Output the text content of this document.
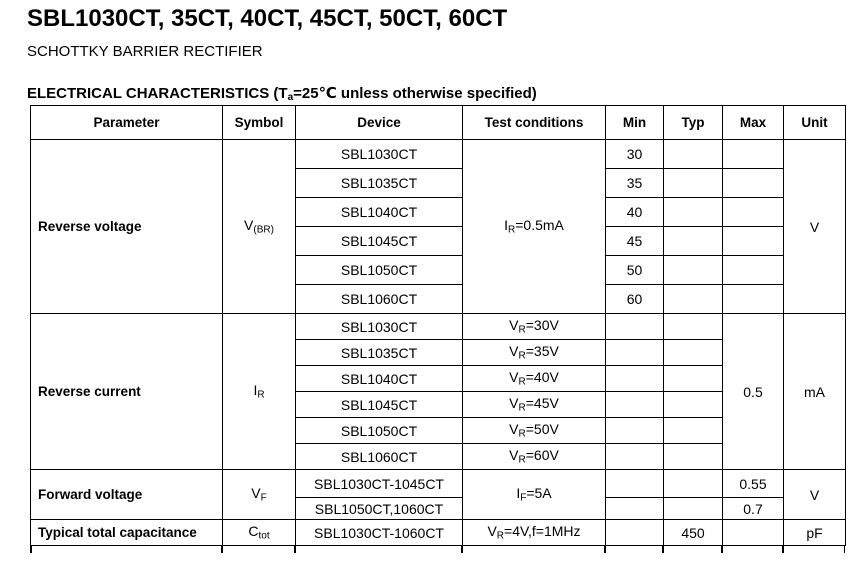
SBL1030CT, 35CT, 40CT, 45CT, 50CT, 60CT
SCHOTTKY BARRIER RECTIFIER
ELECTRICAL CHARACTERISTICS (Ta=25℃ unless otherwise specified)
Parameter	Symbol	Device	Test conditions	Min	Typ	Max	Unit
Reverse voltage	V(BR)	SBL1030CT	IR=0.5mA	30			V
		SBL1035CT		35			
		SBL1040CT		40			
		SBL1045CT		45			
		SBL1050CT		50			
		SBL1060CT		60			
Reverse current	IR	SBL1030CT	VR=30V			0.5	mA
		SBL1035CT	VR=35V				
		SBL1040CT	VR=40V				
		SBL1045CT	VR=45V				
		SBL1050CT	VR=50V				
		SBL1060CT	VR=60V				
Forward voltage	VF	SBL1030CT-1045CT	IF=5A			0.55	V
		SBL1050CT,1060CT				0.7	
Typical total capacitance	Ctot	SBL1030CT-1060CT	VR=4V,f=1MHz		450		pF
